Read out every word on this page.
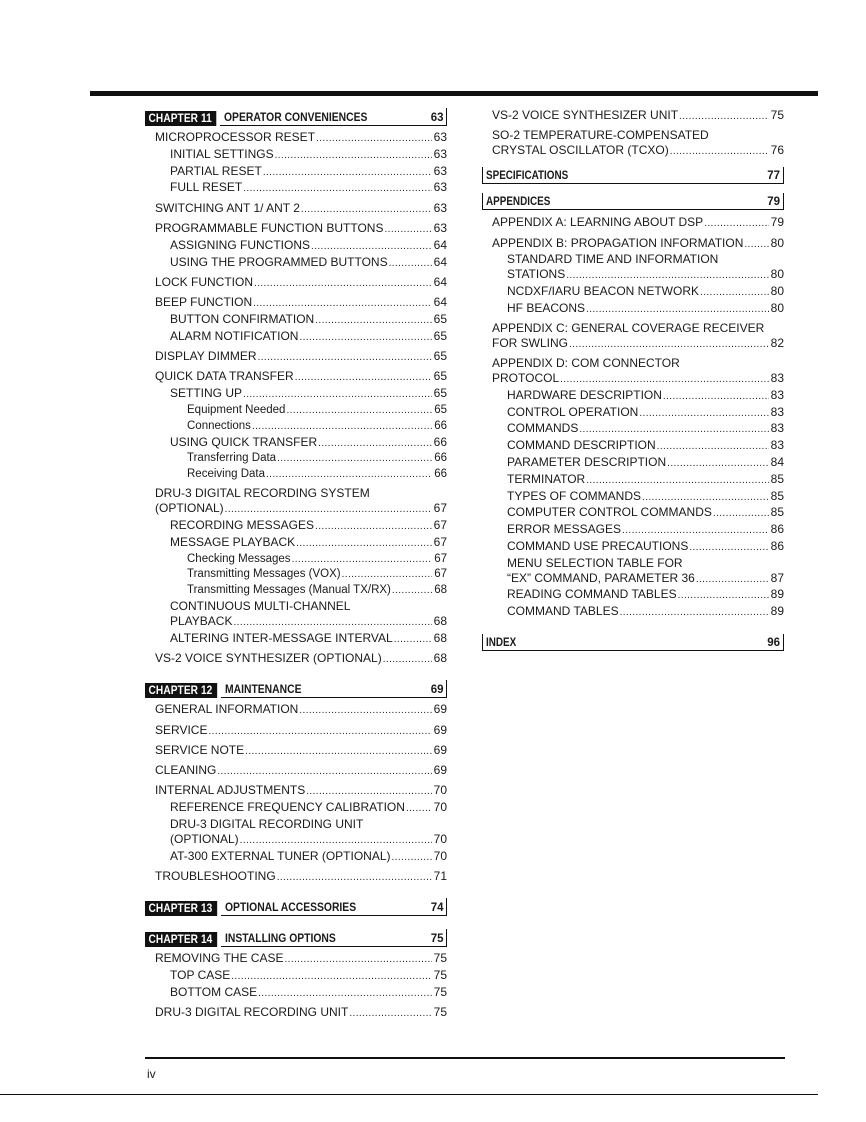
CHAPTER 11	OPERATOR CONVENIENCES	63
MICROPROCESSOR RESET .....	63
INITIAL SETTINGS .....	63
PARTIAL RESET .....	63
FULL RESET .....	63
SWITCHING ANT 1/ ANT 2 .....	63
PROGRAMMABLE FUNCTION BUTTONS .....	63
ASSIGNING FUNCTIONS .....	64
USING THE PROGRAMMED BUTTONS .....	64
LOCK FUNCTION .....	64
BEEP FUNCTION .....	64
BUTTON CONFIRMATION .....	65
ALARM NOTIFICATION .....	65
DISPLAY DIMMER .....	65
QUICK DATA TRANSFER .....	65
SETTING UP .....	65
Equipment Needed .....	65
Connections .....	66
USING QUICK TRANSFER .....	66
Transferring Data .....	66
Receiving Data .....	66
DRU-3 DIGITAL RECORDING SYSTEM
(OPTIONAL) .....	67
RECORDING MESSAGES .....	67
MESSAGE PLAYBACK .....	67
Checking Messages .....	67
Transmitting Messages (VOX) .....	67
Transmitting Messages (Manual TX/RX) .....	68
CONTINUOUS MULTI-CHANNEL
PLAYBACK .....	68
ALTERING INTER-MESSAGE INTERVAL .....	68
VS-2 VOICE SYNTHESIZER (OPTIONAL) .....	68
CHAPTER 12	MAINTENANCE	69
GENERAL INFORMATION .....	69
SERVICE .....	69
SERVICE NOTE .....	69
CLEANING .....	69
INTERNAL ADJUSTMENTS .....	70
REFERENCE FREQUENCY CALIBRATION ..... 70
DRU-3 DIGITAL RECORDING UNIT
(OPTIONAL) .....	70
AT-300 EXTERNAL TUNER (OPTIONAL) .....	70
TROUBLESHOOTING .....	71
CHAPTER 13	OPTIONAL ACCESSORIES	74
CHAPTER 14	INSTALLING OPTIONS	75
REMOVING THE CASE .....	75
TOP CASE .....	75
BOTTOM CASE .....	75
DRU-3 DIGITAL RECORDING UNIT .....	75
VS-2 VOICE SYNTHESIZER UNIT .....	75
SO-2 TEMPERATURE-COMPENSATED
CRYSTAL OSCILLATOR (TCXO) .....	76
SPECIFICATIONS	77
APPENDICES	79
APPENDIX A: LEARNING ABOUT DSP .....	79
APPENDIX B: PROPAGATION INFORMATION ..... 80
STANDARD TIME AND INFORMATION
STATIONS .....	80
NCDXF/IARU BEACON NETWORK .....	80
HF BEACONS .....	80
APPENDIX C: GENERAL COVERAGE RECEIVER
FOR SWLING .....	82
APPENDIX D: COM CONNECTOR
PROTOCOL .....	83
HARDWARE DESCRIPTION .....	83
CONTROL OPERATION .....	83
COMMANDS .....	83
COMMAND DESCRIPTION .....	83
PARAMETER DESCRIPTION .....	84
TERMINATOR .....	85
TYPES OF COMMANDS .....	85
COMPUTER CONTROL COMMANDS .....	85
ERROR MESSAGES .....	86
COMMAND USE PRECAUTIONS .....	86
MENU SELECTION TABLE FOR
“EX” COMMAND, PARAMETER 36 .....	87
READING COMMAND TABLES .....	89
COMMAND TABLES .....	89
INDEX	96
iv
